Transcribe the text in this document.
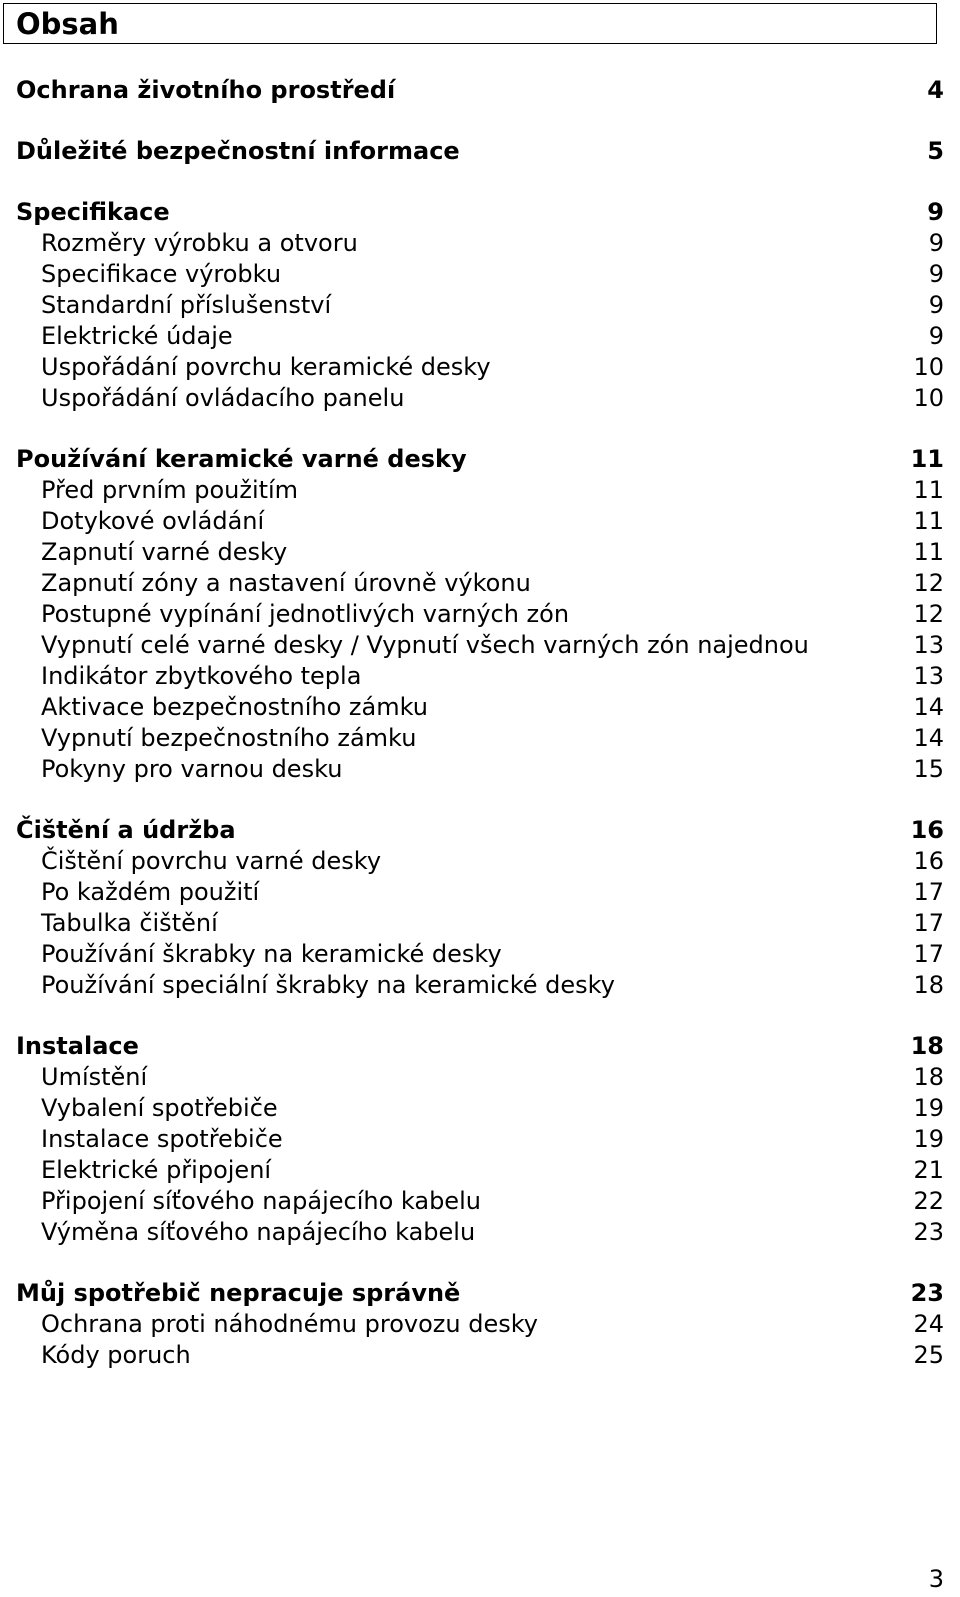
Obsah
Ochrana životního prostředí	4
Důležité bezpečnostní informace	5
Specifikace	9
Rozměry výrobku a otvoru	9
Specifikace výrobku	9
Standardní příslušenství	9
Elektrické údaje	9
Uspořádání povrchu keramické desky	10
Uspořádání ovládacího panelu	10
Používání keramické varné desky	11
Před prvním použitím	11
Dotykové ovládání	11
Zapnutí varné desky	11
Zapnutí zóny a nastavení úrovně výkonu	12
Postupné vypínání jednotlivých varných zón	12
Vypnutí celé varné desky / Vypnutí všech varných zón najednou	13
Indikátor zbytkového tepla	13
Aktivace bezpečnostního zámku	14
Vypnutí bezpečnostního zámku	14
Pokyny pro varnou desku	15
Čištění a údržba	16
Čištění povrchu varné desky	16
Po každém použití	17
Tabulka čištění	17
Používání škrabky na keramické desky	17
Používání speciální škrabky na keramické desky	18
Instalace	18
Umístění	18
Vybalení spotřebiče	19
Instalace spotřebiče	19
Elektrické připojení	21
Připojení síťového napájecího kabelu	22
Výměna síťového napájecího kabelu	23
Můj spotřebič nepracuje správně	23
Ochrana proti náhodnému provozu desky	24
Kódy poruch	25
3
